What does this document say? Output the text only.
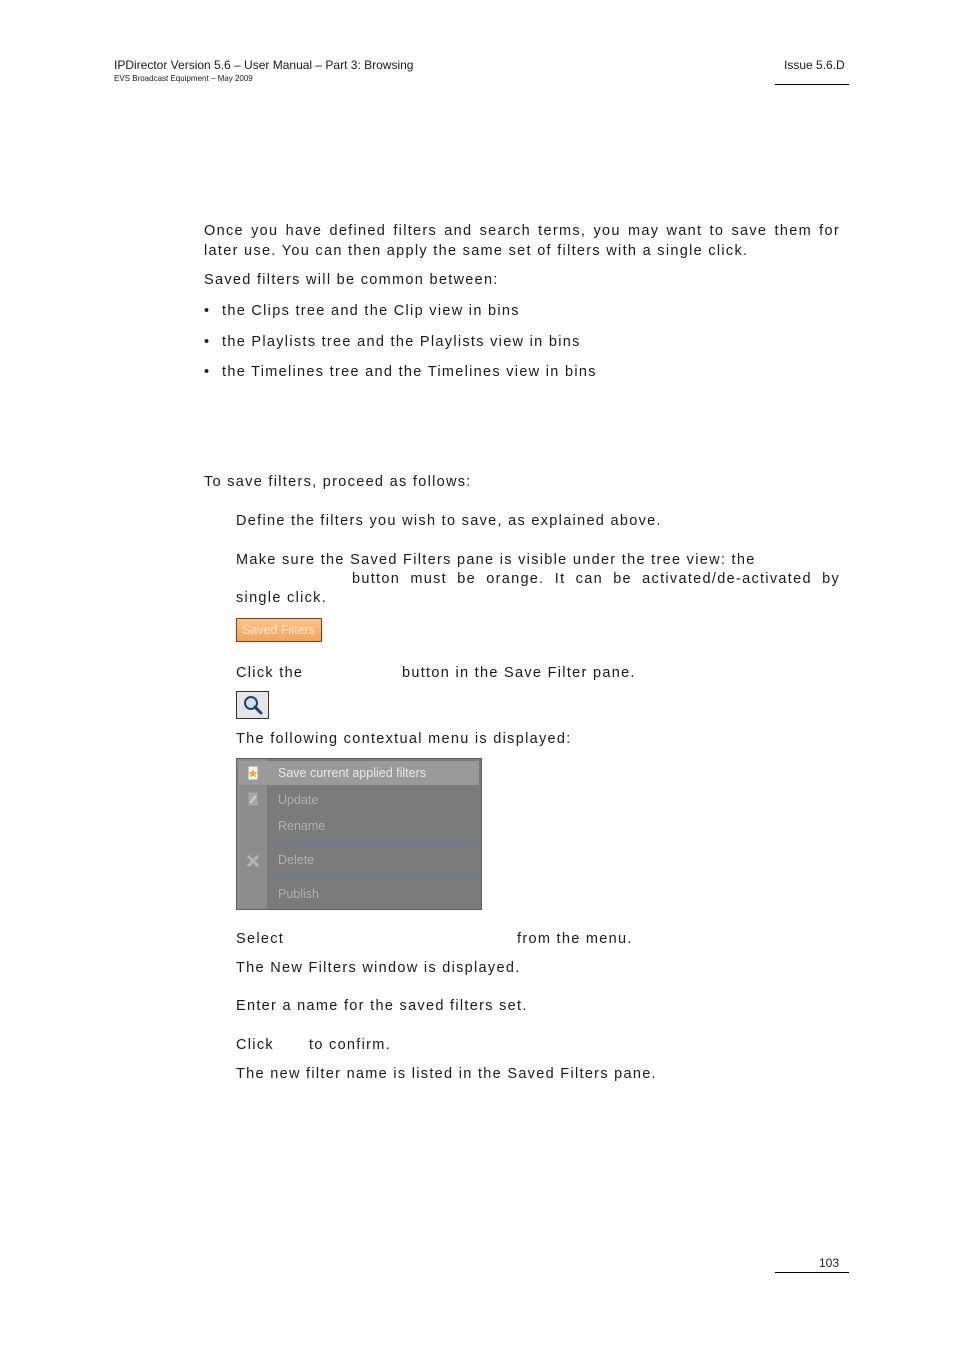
IPDirector Version 5.6 – User Manual – Part 3: Browsing
EVS Broadcast Equipment – May 2009
Issue 5.6.D
Once you have defined filters and search terms, you may want to save them for
later use. You can then apply the same set of filters with a single click.
Saved filters will be common between:
• the Clips tree and the Clip view in bins
• the Playlists tree and the Playlists view in bins
• the Timelines tree and the Timelines view in bins
To save filters, proceed as follows:
Define the filters you wish to save, as explained above.
Make sure the Saved Filters pane is visible under the tree view: the
button must be orange. It can be activated/de-activated by
single click.
Saved Filters
Click the	button in the Save Filter pane.
The following contextual menu is displayed:
Save current applied filters
Update
Rename
Delete
Publish
Select	from the menu.
The New Filters window is displayed.
Enter a name for the saved filters set.
Click to confirm.
The new filter name is listed in the Saved Filters pane.
103
